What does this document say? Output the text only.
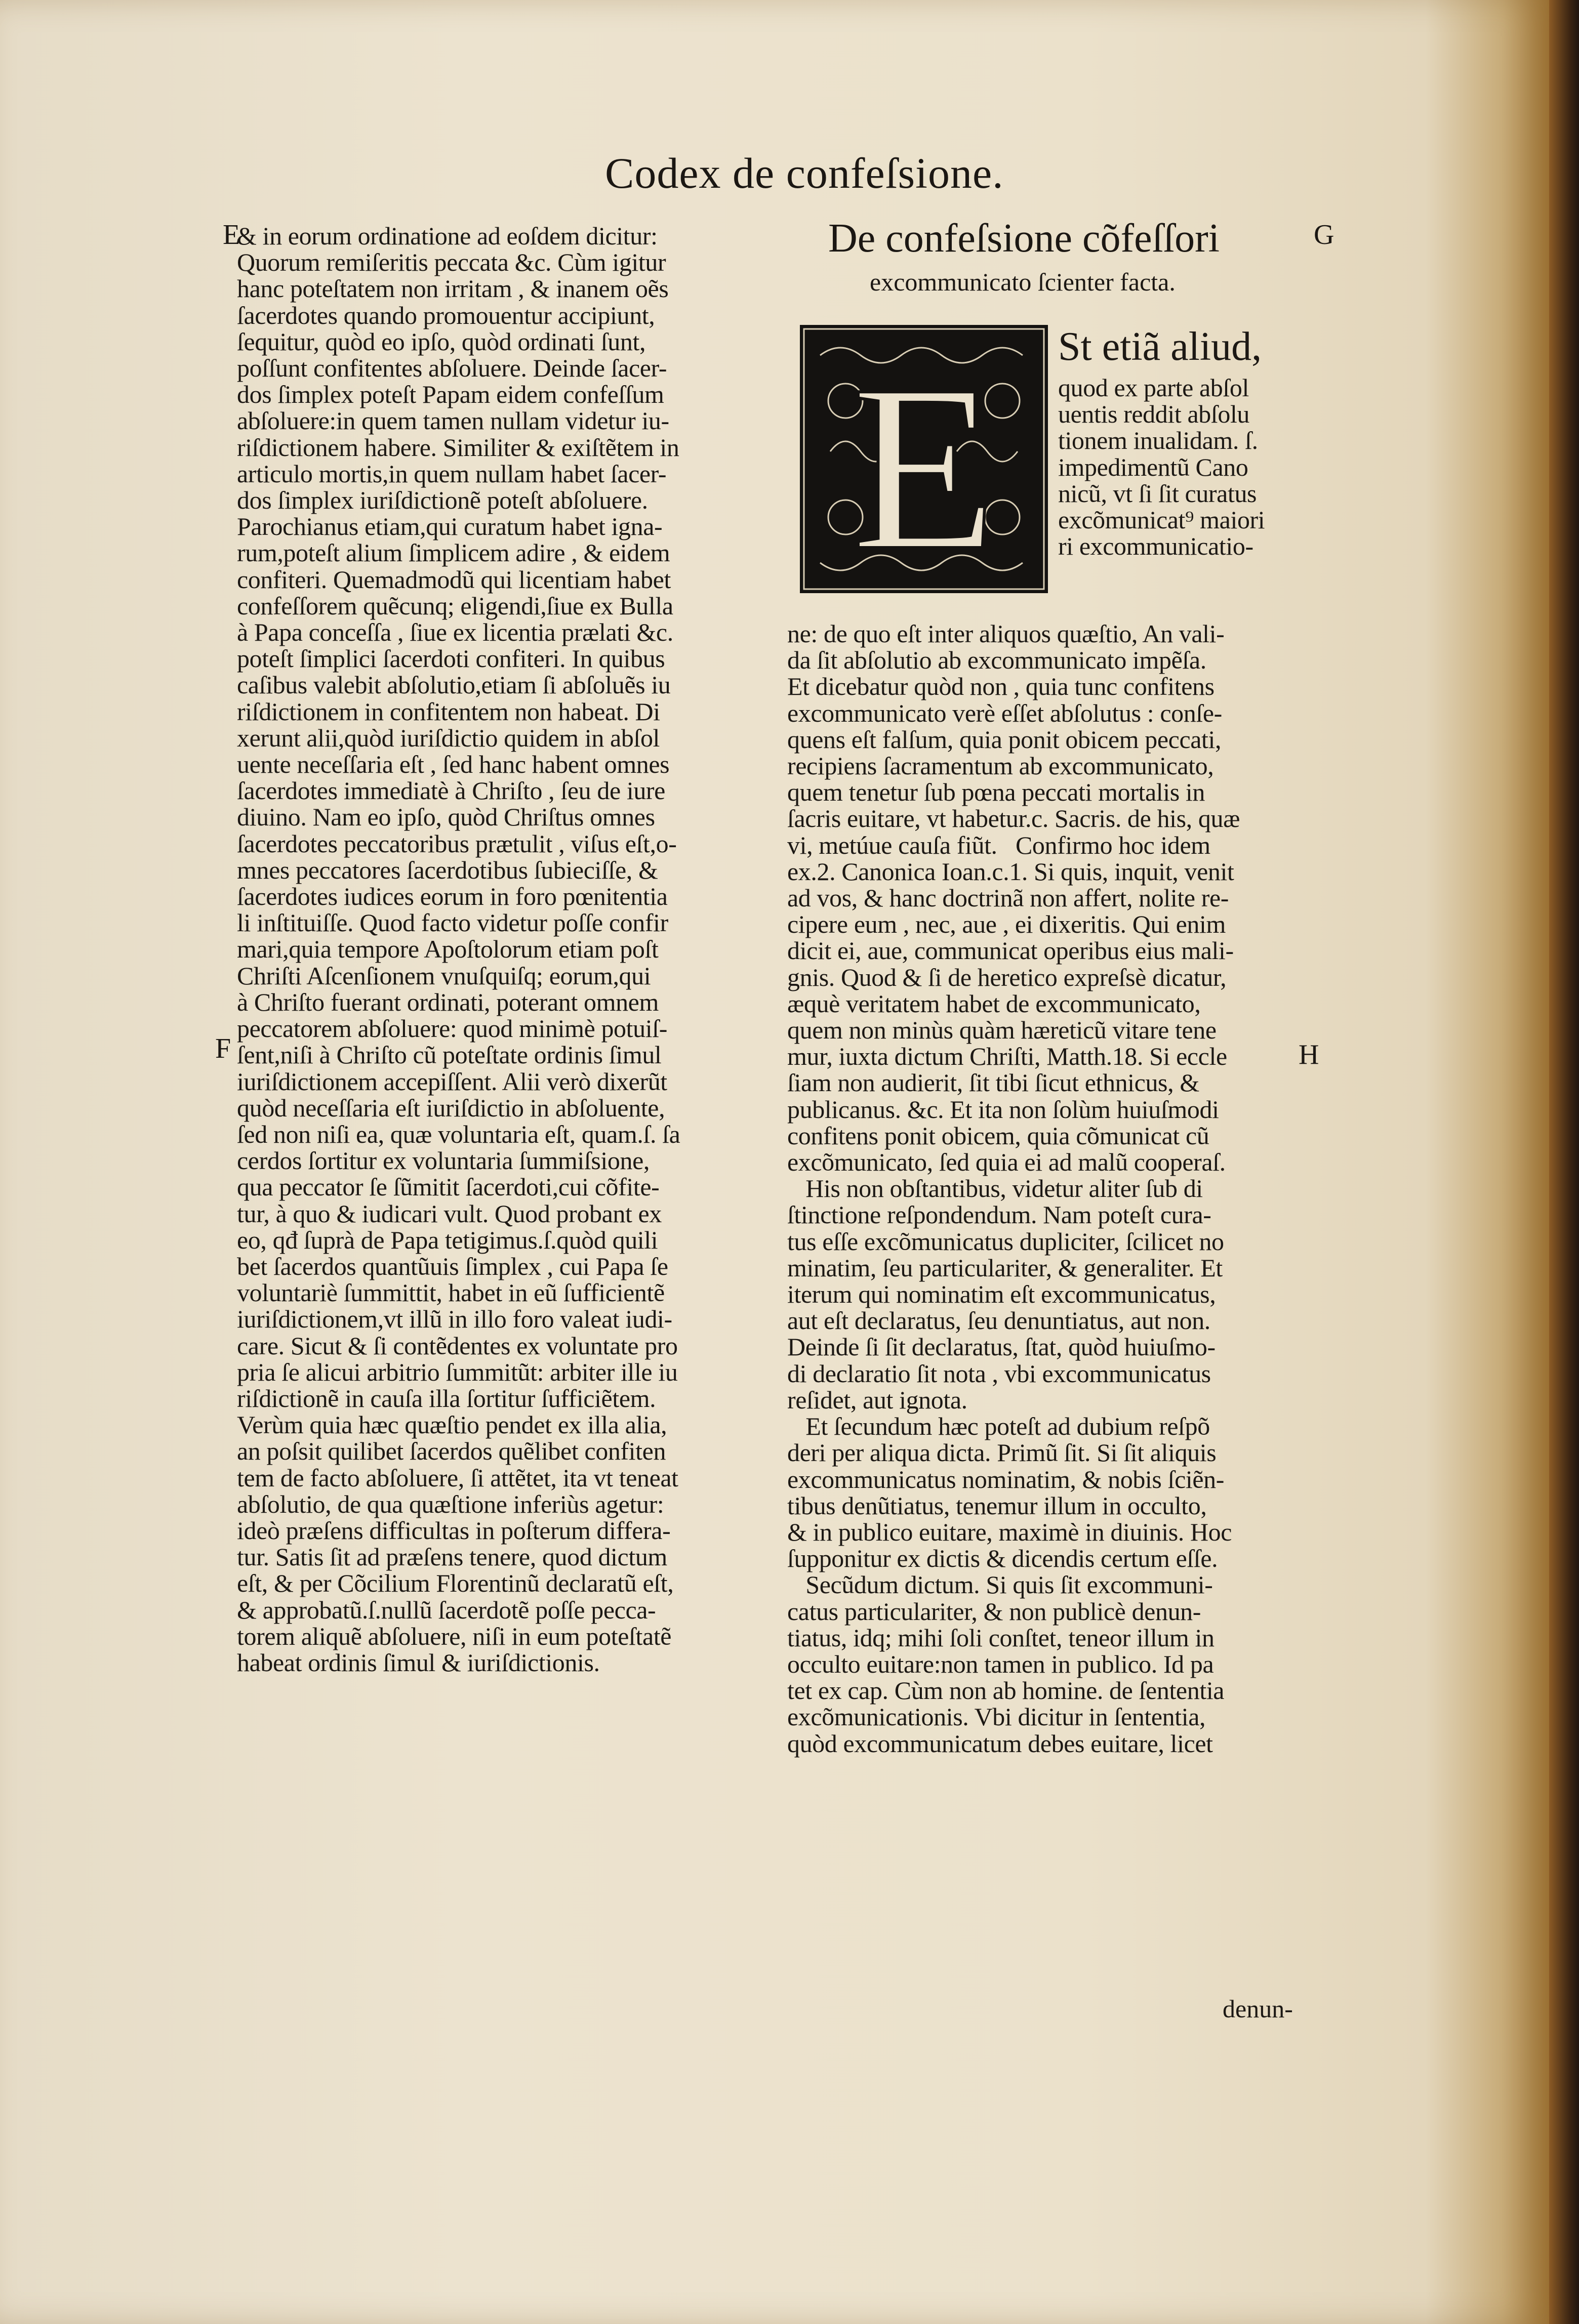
Codex de confeſsione.
E
F
G
H
& in eorum ordinatione ad eoſdem dicitur:
Quorum remiſeritis peccata &c. Cùm igitur
hanc poteſtatem non irritam , & inanem oẽs
ſacerdotes quando promouentur accipiunt,
ſequitur, quòd eo ipſo, quòd ordinati ſunt,
poſſunt confitentes abſoluere. Deinde ſacer-
dos ſimplex poteſt Papam eidem confeſſum
abſoluere:in quem tamen nullam videtur iu-
riſdictionem habere. Similiter & exiſtẽtem in
articulo mortis,in quem nullam habet ſacer-
dos ſimplex iuriſdictionẽ poteſt abſoluere.
Parochianus etiam,qui curatum habet ignа-
rum,poteſt alium ſimplicem adire , & eidem
confiteri. Quemadmodũ qui licentiam habet
confeſſorem quẽcunq; eligendi,ſiue ex Bulla
à Papa conceſſa , ſiue ex licentia prælati &c.
poteſt ſimplici ſacerdoti confiteri. In quibus
caſibus valebit abſolutio,etiam ſi abſoluẽs iu
riſdictionem in confitentem non habeat. Di
xerunt alii,quòd iuriſdictio quidem in abſol
uente neceſſaria eſt , ſed hanc habent omnes
ſacerdotes immediatè à Chriſto , ſeu de iure
diuino. Nam eo ipſo, quòd Chriſtus omnes
ſacerdotes peccatoribus prætulit , viſus eſt,o-
mnes peccatores ſacerdotibus ſubieciſſe, &
ſacerdotes iudices eorum in foro pœnitentia
li inſtituiſſe. Quod facto videtur poſſe confir
mari,quia tempore Apoſtolorum etiam poſt
Chriſti Aſcenſionem vnuſquiſq; eorum,qui
à Chriſto fuerant ordinati, poterant omnem
peccatorem abſoluere: quod minimè potuiſ-
ſent,niſi à Chriſto cũ poteſtate ordinis ſimul
iuriſdictionem accepiſſent. Alii verò dixerũt
quòd neceſſaria eſt iuriſdictio in abſoluente,
ſed non niſi ea, quæ voluntaria eſt, quam.ſ. ſa
cerdos ſortitur ex voluntaria ſummiſsione,
qua peccator ſe ſũmitit ſacerdoti,cui cõfite-
tur, à quo & iudicari vult. Quod probant ex
eo, qđ ſuprà de Papa tetigimus.ſ.quòd quili
bet ſacerdos quantũuis ſimplex , cui Papa ſe
voluntariè ſummittit, habet in eũ ſufficientẽ
iuriſdictionem,vt illũ in illo foro valeat iudi-
care. Sicut & ſi contẽdentes ex voluntate pro
pria ſe alicui arbitrio ſummitũt: arbiter ille iu
riſdictionẽ in cauſa illa ſortitur ſufficiẽtem.
Verùm quia hæc quæſtio pendet ex illa alia,
an poſsit quilibet ſacerdos quẽlibet confiten
tem de facto abſoluere, ſi attẽtet, ita vt teneat
abſolutio, de qua quæſtione inferiùs agetur:
ideò præſens difficultas in poſterum differa-
tur. Satis ſit ad præſens tenere, quod dictum
eſt, & per Cõcilium Florentinũ declaratũ eſt,
& approbatũ.ſ.nullũ ſacerdotẽ poſſe pecca-
torem aliquẽ abſoluere, niſi in eum poteſtatẽ
habeat ordinis ſimul & iuriſdictionis.
De confeſsione cõfeſſori
excommunicato ſcienter facta.
E St etiã aliud,
quod ex parte abſol
uentis reddit abſolu
tionem inualidam. ſ.
impedimentũ Cano
nicũ, vt ſi ſit curatus
excõmunicat⁹ maiori
ri excommunicatio-
ne: de quo eſt inter aliquos quæſtio, An vali-
da ſit abſolutio ab excommunicato impẽſa.
Et dicebatur quòd non , quia tunc confitens
excommunicato verè eſſet abſolutus : conſe-
quens eſt falſum, quia ponit obicem peccati,
recipiens ſacramentum ab excommunicato,
quem tenetur ſub pœna peccati mortalis in
ſacris euitare, vt habetur.c. Sacris. de his, quæ
vi, metúue cauſa fiũt.   Confirmo hoc idem
ex.2. Canonica Ioan.c.1. Si quis, inquit, venit
ad vos, & hanc doctrinã non affert, nolite re-
cipere eum , nec, aue , ei dixeritis. Qui enim
dicit ei, aue, communicat operibus eius mali-
gnis. Quod & ſi de heretico expreſsè dicatur,
æquè veritatem habet de excommunicato,
quem non minùs quàm hæreticũ vitare tene
mur, iuxta dictum Chriſti, Matth.18. Si eccle
ſiam non audierit, ſit tibi ſicut ethnicus, &
publicanus. &c. Et ita non ſolùm huiuſmodi
confitens ponit obicem, quia cõmunicat cũ
excõmunicato, ſed quia ei ad malũ cooperaſ.
His non obſtantibus, videtur aliter ſub di
ſtinctione reſpondendum. Nam poteſt cura-
tus eſſe excõmunicatus dupliciter, ſcilicet no
minatim, ſeu particulariter, & generaliter. Et
iterum qui nominatim eſt excommunicatus,
aut eſt declaratus, ſeu denuntiatus, aut non.
Deinde ſi ſit declaratus, ſtat, quòd huiuſmo-
di declaratio ſit nota , vbi excommunicatus
reſidet, aut ignota.
Et ſecundum hæc poteſt ad dubium reſpõ
deri per aliqua dicta. Primũ ſit. Si ſit aliquis
excommunicatus nominatim, & nobis ſciẽn-
tibus denũtiatus, tenemur illum in occulto,
& in publico euitare, maximè in diuinis. Hoc
ſupponitur ex dictis & dicendis certum eſſe.
Secũdum dictum. Si quis ſit excommuni-
catus particulariter, & non publicè denun-
tiatus, idq; mihi ſoli conſtet, teneor illum in
occulto euitare:non tamen in publico. Id pa
tet ex cap. Cùm non ab homine. de ſententia
excõmunicationis. Vbi dicitur in ſententia,
quòd excommunicatum debes euitare, licet
denun-
